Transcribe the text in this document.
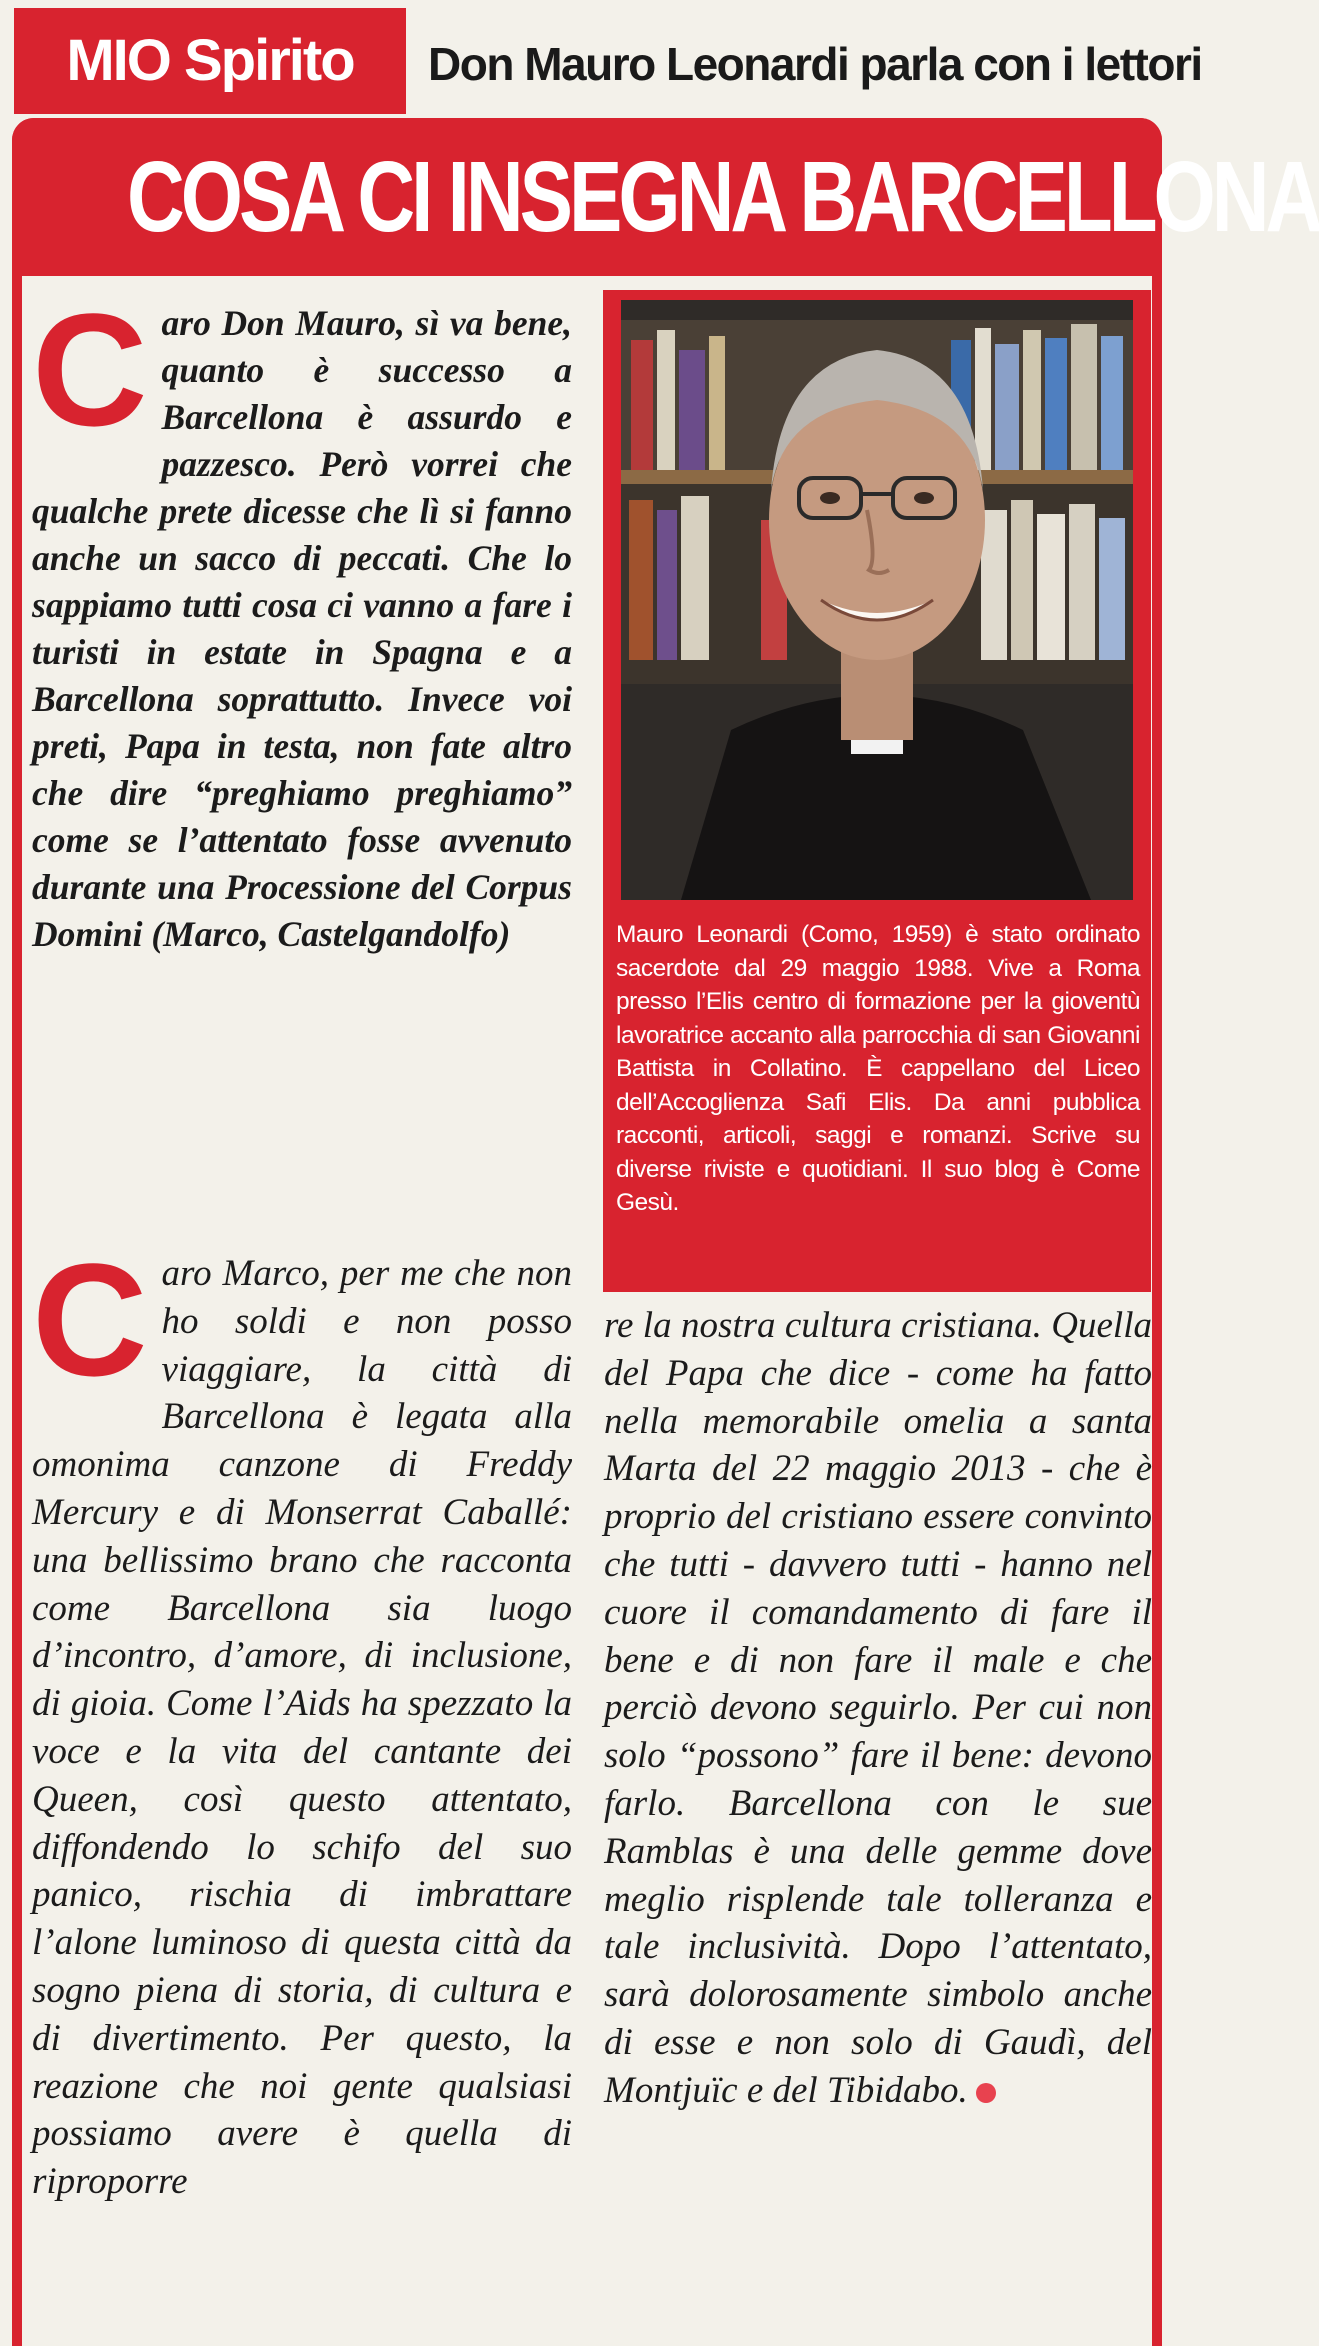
MIO Spirito	Don Mauro Leonardi parla con i lettori
COSA CI INSEGNA BARCELLONA
Caro Don Mauro, sì va bene, quanto è successo a Barcellona è assurdo e pazzesco. Però vorrei che qualche prete dicesse che lì si fanno anche un sacco di peccati. Che lo sappiamo tutti cosa ci vanno a fare i turisti in estate in Spagna e a Barcellona soprattutto. Invece voi preti, Papa in testa, non fate altro che dire “preghiamo preghiamo” come se l’attentato fosse avvenuto durante una Processione del Corpus Domini (Marco, Castelgandolfo)	Mauro Leonardi (Como, 1959) è stato ordinato sacerdote dal 29 maggio 1988. Vive a Roma presso l’Elis centro di formazione per la gioventù lavoratrice accanto alla parrocchia di san Giovanni Battista in Collatino. È cappellano del Liceo dell’Accoglienza Safi Elis. Da anni pubblica racconti, articoli, saggi e romanzi. Scrive su diverse riviste e quotidiani. Il suo blog è Come Gesù.
Caro Marco, per me che non ho soldi e non posso viaggiare, la città di Barcellona è legata alla omonima canzone di Freddy Mercury e di Monserrat Caballé: una bellissimo brano che racconta come Barcellona sia luogo d’incontro, d’amore, di inclusione, di gioia. Come l’Aids ha spezzato la voce e la vita del cantante dei Queen, così questo attentato, diffondendo lo schifo del suo panico, rischia di imbrattare l’alone luminoso di questa città da sogno piena di storia, di cultura e di divertimento. Per questo, la reazione che noi gente qualsiasi possiamo avere è quella di riproporre
re la nostra cultura cristiana. Quella del Papa che dice - come ha fatto nella memorabile omelia a santa Marta del 22 maggio 2013 - che è proprio del cristiano essere convinto che tutti - davvero tutti - hanno nel cuore il comandamento di fare il bene e di non fare il male e che perciò devono seguirlo. Per cui non solo “possono” fare il bene: devono farlo. Barcellona con le sue Ramblas è una delle gemme dove meglio risplende tale tolleranza e tale inclusività. Dopo l’attentato, sarà dolorosamente simbolo anche di esse e non solo di Gaudì, del Montjuïc e del Tibidabo.
